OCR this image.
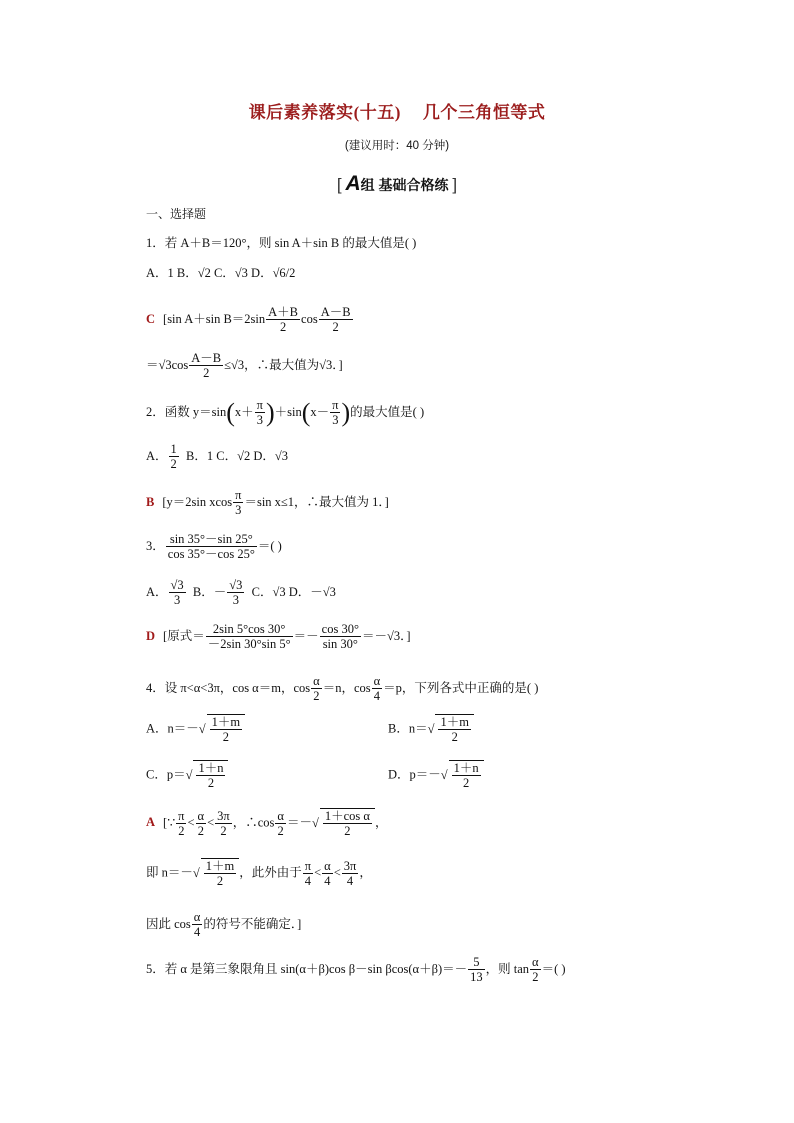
课后素养落实(十五) 几个三角恒等式
(建议用时：40 分钟)
[ A组 基础合格练 ]
一、选择题
1．若 A＋B＝120°，则 sin A＋sin B 的最大值是( )
A．1 B．√2 C．√3 D．√6/2
C [sin A＋sin $B=2\sin \frac{A+B}{2}$ $\cos \frac{A-B}{2}$
$=√3\cos \frac{A-B}{2} \le√3$，∴最大值为√3．]
2．函数 $y=\sin(x+ \frac{\pi}{3} )+\sin(x- \frac{\pi}{3}$ )的最大值是( )
A． $\frac{1}{2}$ B．1 C．√2 D．√3
B [y＝2sin xcos $\frac{\pi}{3} =\sin$ x≤1，∴最大值为 1．]
3． $\frac{\sin 35^\circ-\sin 25^\circ}{\cos 35^\circ-\cos 25^\circ}$ ＝( )
A． $\frac{√3}{3}$ B．－ $\frac{√3}{3}$ C．√3 D．－√3
D [原式＝ $\frac{2\sin 5^\circ\cos 30^\circ}{-2\sin 30^\circ\sin 5^\circ} =- \frac{\cos 30^\circ}{\sin 30^\circ} =-√3$．]
4．设 π<α<3π，cos α＝m，$\cos \frac{\alpha}{2} =n$，$\cos \frac{\alpha}{4} =p$，下列各式中正确的是( )
A．$n=-√ \frac{1+m}{2}$	B．$n=√ \frac{1+m}{2}$
C．$p=√ \frac{1+n}{2}$	D．$p=-√ \frac{1+n}{2}$
A [∵ $\frac{\pi}{2} < \frac{\alpha}{2} < \frac{3\pi}{2}$ ，∴cos $\frac{\alpha}{2}$ ＝－√ $\frac{\text{1＋cos α}}{2}$ ，
即 $n=-√ \frac{1+m}{2}$ ，此外由于 $\frac{\pi}{4} < \frac{\alpha}{4} < \frac{3\pi}{4}$ ，
因此 $\cos \frac{\alpha}{4}$ 的符号不能确定．]
5．若 α 是第三象限角且 sin(α＋β)cos β－sin $\beta\cos(\alpha+\beta)=- \frac{5}{13}$ ，则 $\tan \frac{\alpha}{2}$ ＝( )
